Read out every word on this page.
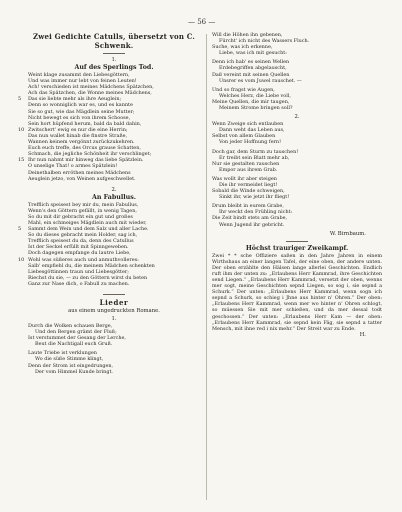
— 56 —
Zwei Gedichte Catulls, übersetzt von C. Schwenk.
1.
Auf des Sperlings Tod.
Weint klage zusammt den Liebesgöttern,
Und was immer nur lebt von feinen Leuten!
Ach! verschieden ist meines Mädchens Spätzchen,
Ach das Spätzchen, die Wonne meines Mädchens,
5 Das sie liebte mehr als ihre Aeuglein;
Denn so wonniglich war es, und es kannte
Sie so gut, wie das Mägdlein seine Mutter;
Nicht bewegt es sich von ihrem Schoose,
Sein hort hüpfend herum, bald da bald dahin,
10 Zwitschert' ewig es nur die eine Herrin;
Das nun wallet hinab die finstre Straße,
Wannen keinem vergönnt zurückzukehren.
Euch euch treffe, des Orcus grause Schatten,
Schmach, die jegliche Schönheit ihr verschlinget;
15 Ihr nun nahmt mir hinweg das liebe Spätzlein.
O unselige That! o armes Spätzlein!
Deinethalben erröthen meines Mädchens
Aeuglein jetzo, von Weinen aufgeschwellet.
2.
An Fabullus.
Trefflich speisest bey mir du, mein Fabullus,
Wenn's den Göttern gefällt, in wenig Tagen,
So du mit dir gebracht ein gut und großes
Mahl, ein schmeiges Mägdlein auch mit wieder,
5 Sammt dem Wein und dem Salz und aller Lache.
So du dieses gebracht mein Holder, sag ich,
Trefflich speisest du da, denn des Catullus
Ist der Seckel erfüllt mit Spinngeweben.
Doch dagegen empfange du lautre Liebe,
10 Wohl was süßeres auch und anmuthvolleres:
Salb' empfiehl du, die meinem Mädchen schenkten
Liebesgöttinnen traun und Liebesgötter;
Riechst du sie, — zu den Göttern wirst du beten
Ganz zur Nase dich, o Fabull zu machen.
Lieder
aus einem ungedruckten Romane.
1.
Durch die Wolken schauen Berge,
Und den Bergen grämt der Fluß;
Ist verstummet der Gesang der Lerche,
Beut die Nachtigall euch Gruß.
Laute Triebe ist verklungen
Wo die süße Stimme klingt,
Denn der Strom ist eingedrungen,
Der vom Himmel Kunde bringt.
Will die Höhen ihn gebenen,
Fürcht' ich nicht des Wassers Fluch.
Suche, was ich erkenne,
Liebe, was ich mit gesucht:
Denn ich hab' es seinen Wellen
Erdebegriffen abgelauscht,
Daß vereint mit seinen Quellen
Unsrer es vom Juwel rauschet. —
Und so fragst wie Augen,
Welches Herz, die Liebe voll,
Meine Quellen, die mir taugen,
Meinem Strome bringen soll?
2.
Wenn Zweige sich entlauben
Dann weht das Leben aus,
Selbst von allem Glauben
Von jeder Hoffnung fern!
Doch gar, dem Sturm zu tauschen!
Er treibt sein Blatt mehr ab,
Nur sie gestalten rauschen
Empor aus ihrem Grab.
Was wollt ihr aber steigen
Die ihr vermeidet liegt!
Sobald die Winde schweigen,
Sinkt ihr, wie jetzt ihr fliegt!
Drum bleibt in eurem Grabe,
Ihr weckt den Frühling nicht:
Die Zeit bindt stets am Grabe,
Wenn Jugend ihr gebricht.
W. Birnbaum.
Höchst trauriger Zweikampf.
Zwei * * sche Offiziere saßen in den Jahre Jahren in einem Wirthshaus an einer langen Tafel, der eine oben, der andere unten. Der oben erzählte den Hälsen lange allerlei Geschichten. Endlich ruft ihm der unten zu: „Erlaubens Herr Kammrad, ihre Geschichten send Liegen.“ „Erlaubens Herr Kammrad, versetzt der oben, wenns mer sogt, meine Geschichten sepnd Liegen, so sog i, sie sepnd a Schurk.“ Der unten: „Erlaubens Herr Kammrad, wenn sogn ich sepnd a Schurk, so schieg i Jhne aus hinter n' Ohren.“ Der oben: „Erlaubens Herr Kammrad, wenn mer wo hinter n' Ohren schlogt, so müessen Sie mit mer schießen, und da mer dessal todt geschossen.“ Der unten: „Erlaubens Herr Kam — der oben: „Erlaubens Herr Kammrad, sie sepnd kein Fäg, sie sepnd a tatter Mensch, mit ihne red i nix mehr.“ Der Streit war zu Ende.
H.
